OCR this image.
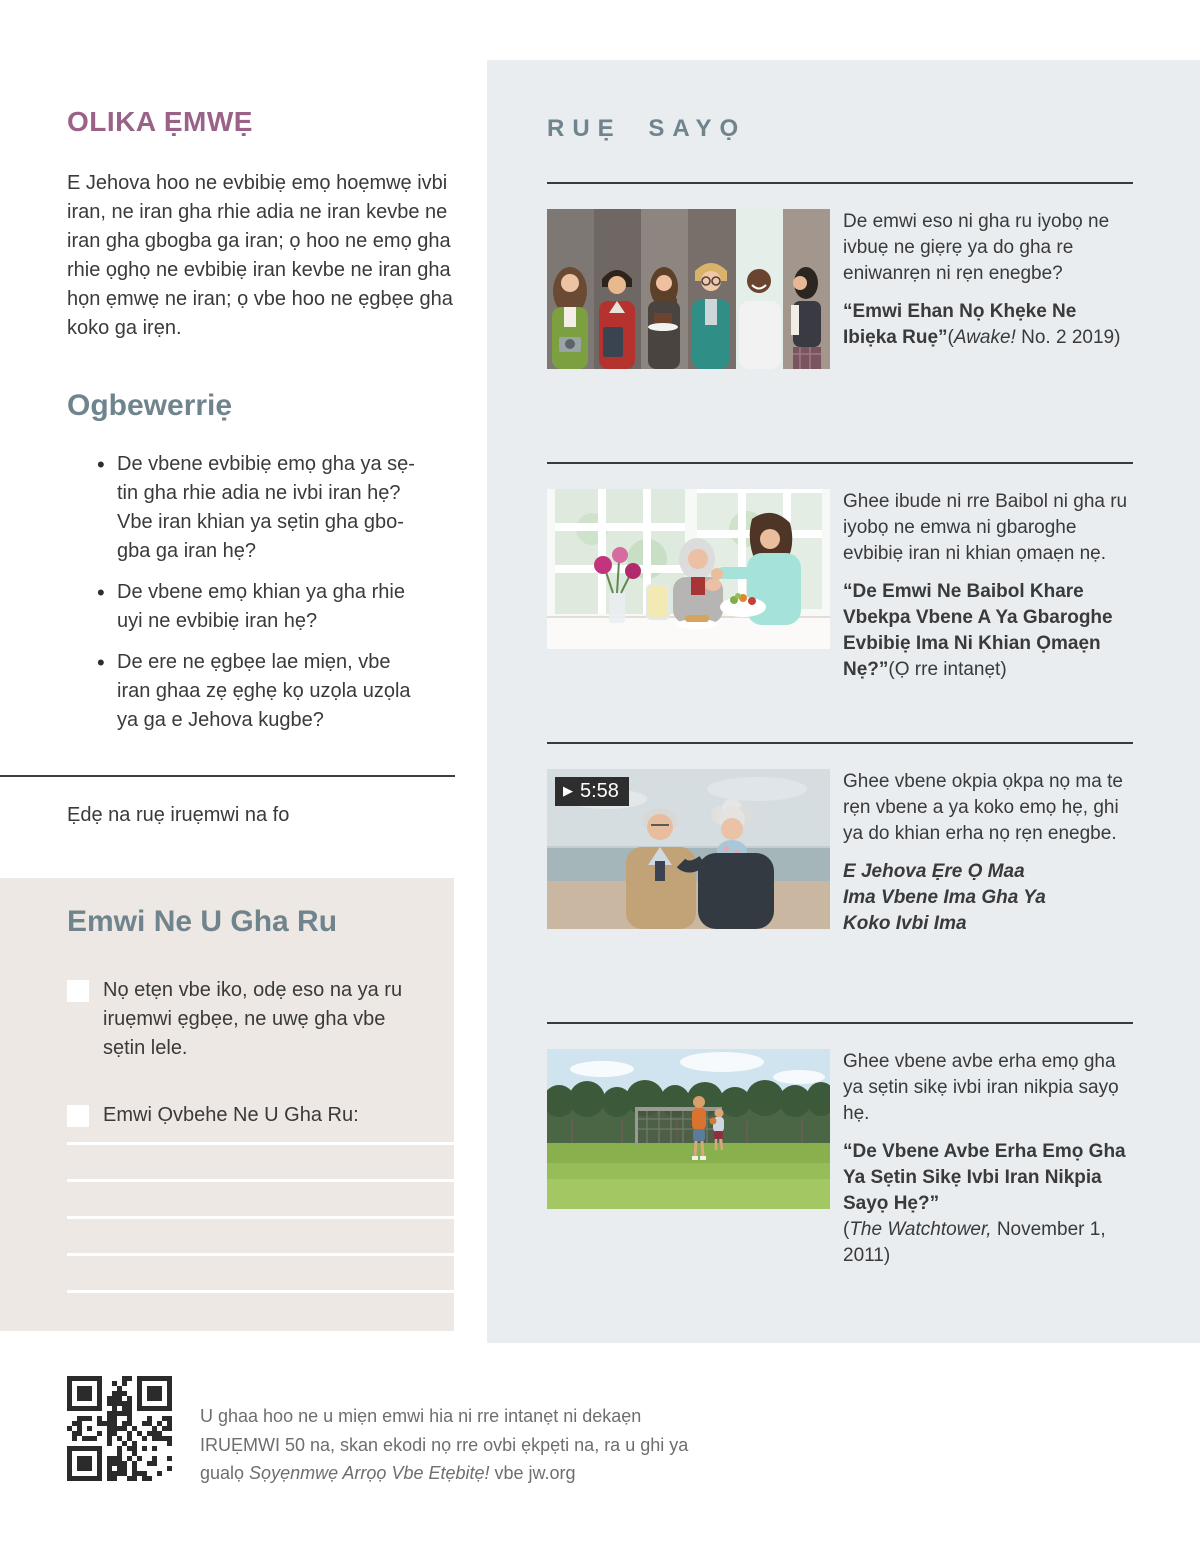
OLIKA ẸMWẸ

E Jehova hoo ne evbibiẹ emọ hoẹmwẹ ivbi iran, ne iran gha rhie adia ne iran kevbe ne iran gha gbogba ga iran; ọ hoo ne emọ gha rhie ọghọ ne evbibiẹ iran kevbe ne iran gha họn ẹmwẹ ne iran; ọ vbe hoo ne ẹgbẹe gha koko ga irẹn.

Ogbewerriẹ
• De vbene evbibiẹ emọ gha ya sẹ-
tin gha rhie adia ne ivbi iran hẹ?
Vbe iran khian ya sẹtin gha gbo-
gba ga iran hẹ?
• De vbene emọ khian ya gha rhie
uyi ne evbibiẹ iran hẹ?
• De ere ne ẹgbẹe lae miẹn, vbe
iran ghaa zẹ ẹghẹ kọ uzọla uzọla
ya ga e Jehova kugbe?

Ẹdẹ na ruẹ iruẹmwi na fo

Emwi Ne U Gha Ru
Nọ etẹn vbe iko, odẹ eso na ya ru iruẹmwi ẹgbẹe, ne uwẹ gha vbe sẹtin lele.
Emwi Ọvbehe Ne U Gha Ru:
RUẸ SAYỌ
De emwi eso ni gha ru iyobọ ne ivbuẹ ne giẹrẹ ya do gha re eniwanrẹn ni rẹn enegbe?
“Emwi Ehan Nọ Khẹke Ne Ibiẹka Ruẹ”(Awake! No. 2 2019)
Ghee ibude ni rre Baibol ni gha ru iyobọ ne emwa ni gbaroghe evbibiẹ iran ni khian ọmaẹn nẹ.
“De Emwi Ne Baibol Khare Vbekpa Vbene A Ya Gbaroghe Evbibiẹ Ima Ni Khian Ọmaẹn Nẹ?”(Ọ rre intanẹt)
▶ 5:58	Ghee vbene okpia ọkpa nọ ma te rẹn vbene a ya koko emọ hẹ, ghi ya do khian erha nọ rẹn enegbe.
E Jehova Ẹre Ọ Maa
Ima Vbene Ima Gha Ya
Koko Ivbi Ima
Ghee vbene avbe erha emọ gha ya sẹtin sikẹ ivbi iran nikpia sayọ hẹ.
“De Vbene Avbe Erha Emọ Gha Ya Sẹtin Sikẹ Ivbi Iran Nikpia Sayọ Hẹ?” (The Watchtower, November 1, 2011)
U ghaa hoo ne u miẹn emwi hia ni rre intanẹt ni dekaẹn IRUẸMWI 50 na, skan ekodi nọ rre ovbi ẹkpẹti na, ra u ghi ya gualọ Sọyẹnmwẹ Arrọọ Vbe Etẹbitẹ! vbe jw.org
